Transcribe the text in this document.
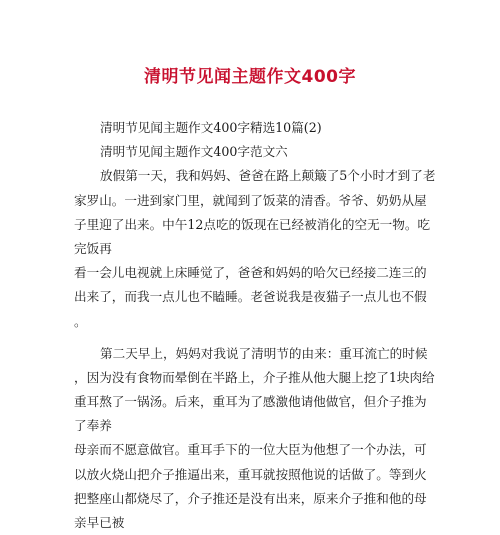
清明节见闻主题作文400字
清明节见闻主题作文400字精选10篇(2)
清明节见闻主题作文400字范文六
放假第一天，我和妈妈、爸爸在路上颠簸了5个小时才到了老
家罗山。一进到家门里，就闻到了饭菜的清香。爷爷、奶奶从屋
子里迎了出来。中午12点吃的饭现在已经被消化的空无一物。吃
完饭再
看一会儿电视就上床睡觉了，爸爸和妈妈的哈欠已经接二连三的
出来了，而我一点儿也不瞌睡。老爸说我是夜猫子一点儿也不假
。
第二天早上，妈妈对我说了清明节的由来：重耳流亡的时候
，因为没有食物而晕倒在半路上，介子推从他大腿上挖了1块肉给
重耳熬了一锅汤。后来，重耳为了感激他请他做官，但介子推为
了奉养
母亲而不愿意做官。重耳手下的一位大臣为他想了一个办法，可
以放火烧山把介子推逼出来，重耳就按照他说的话做了。等到火
把整座山都烧尽了，介子推还是没有出来，原来介子推和他的母
亲早已被
